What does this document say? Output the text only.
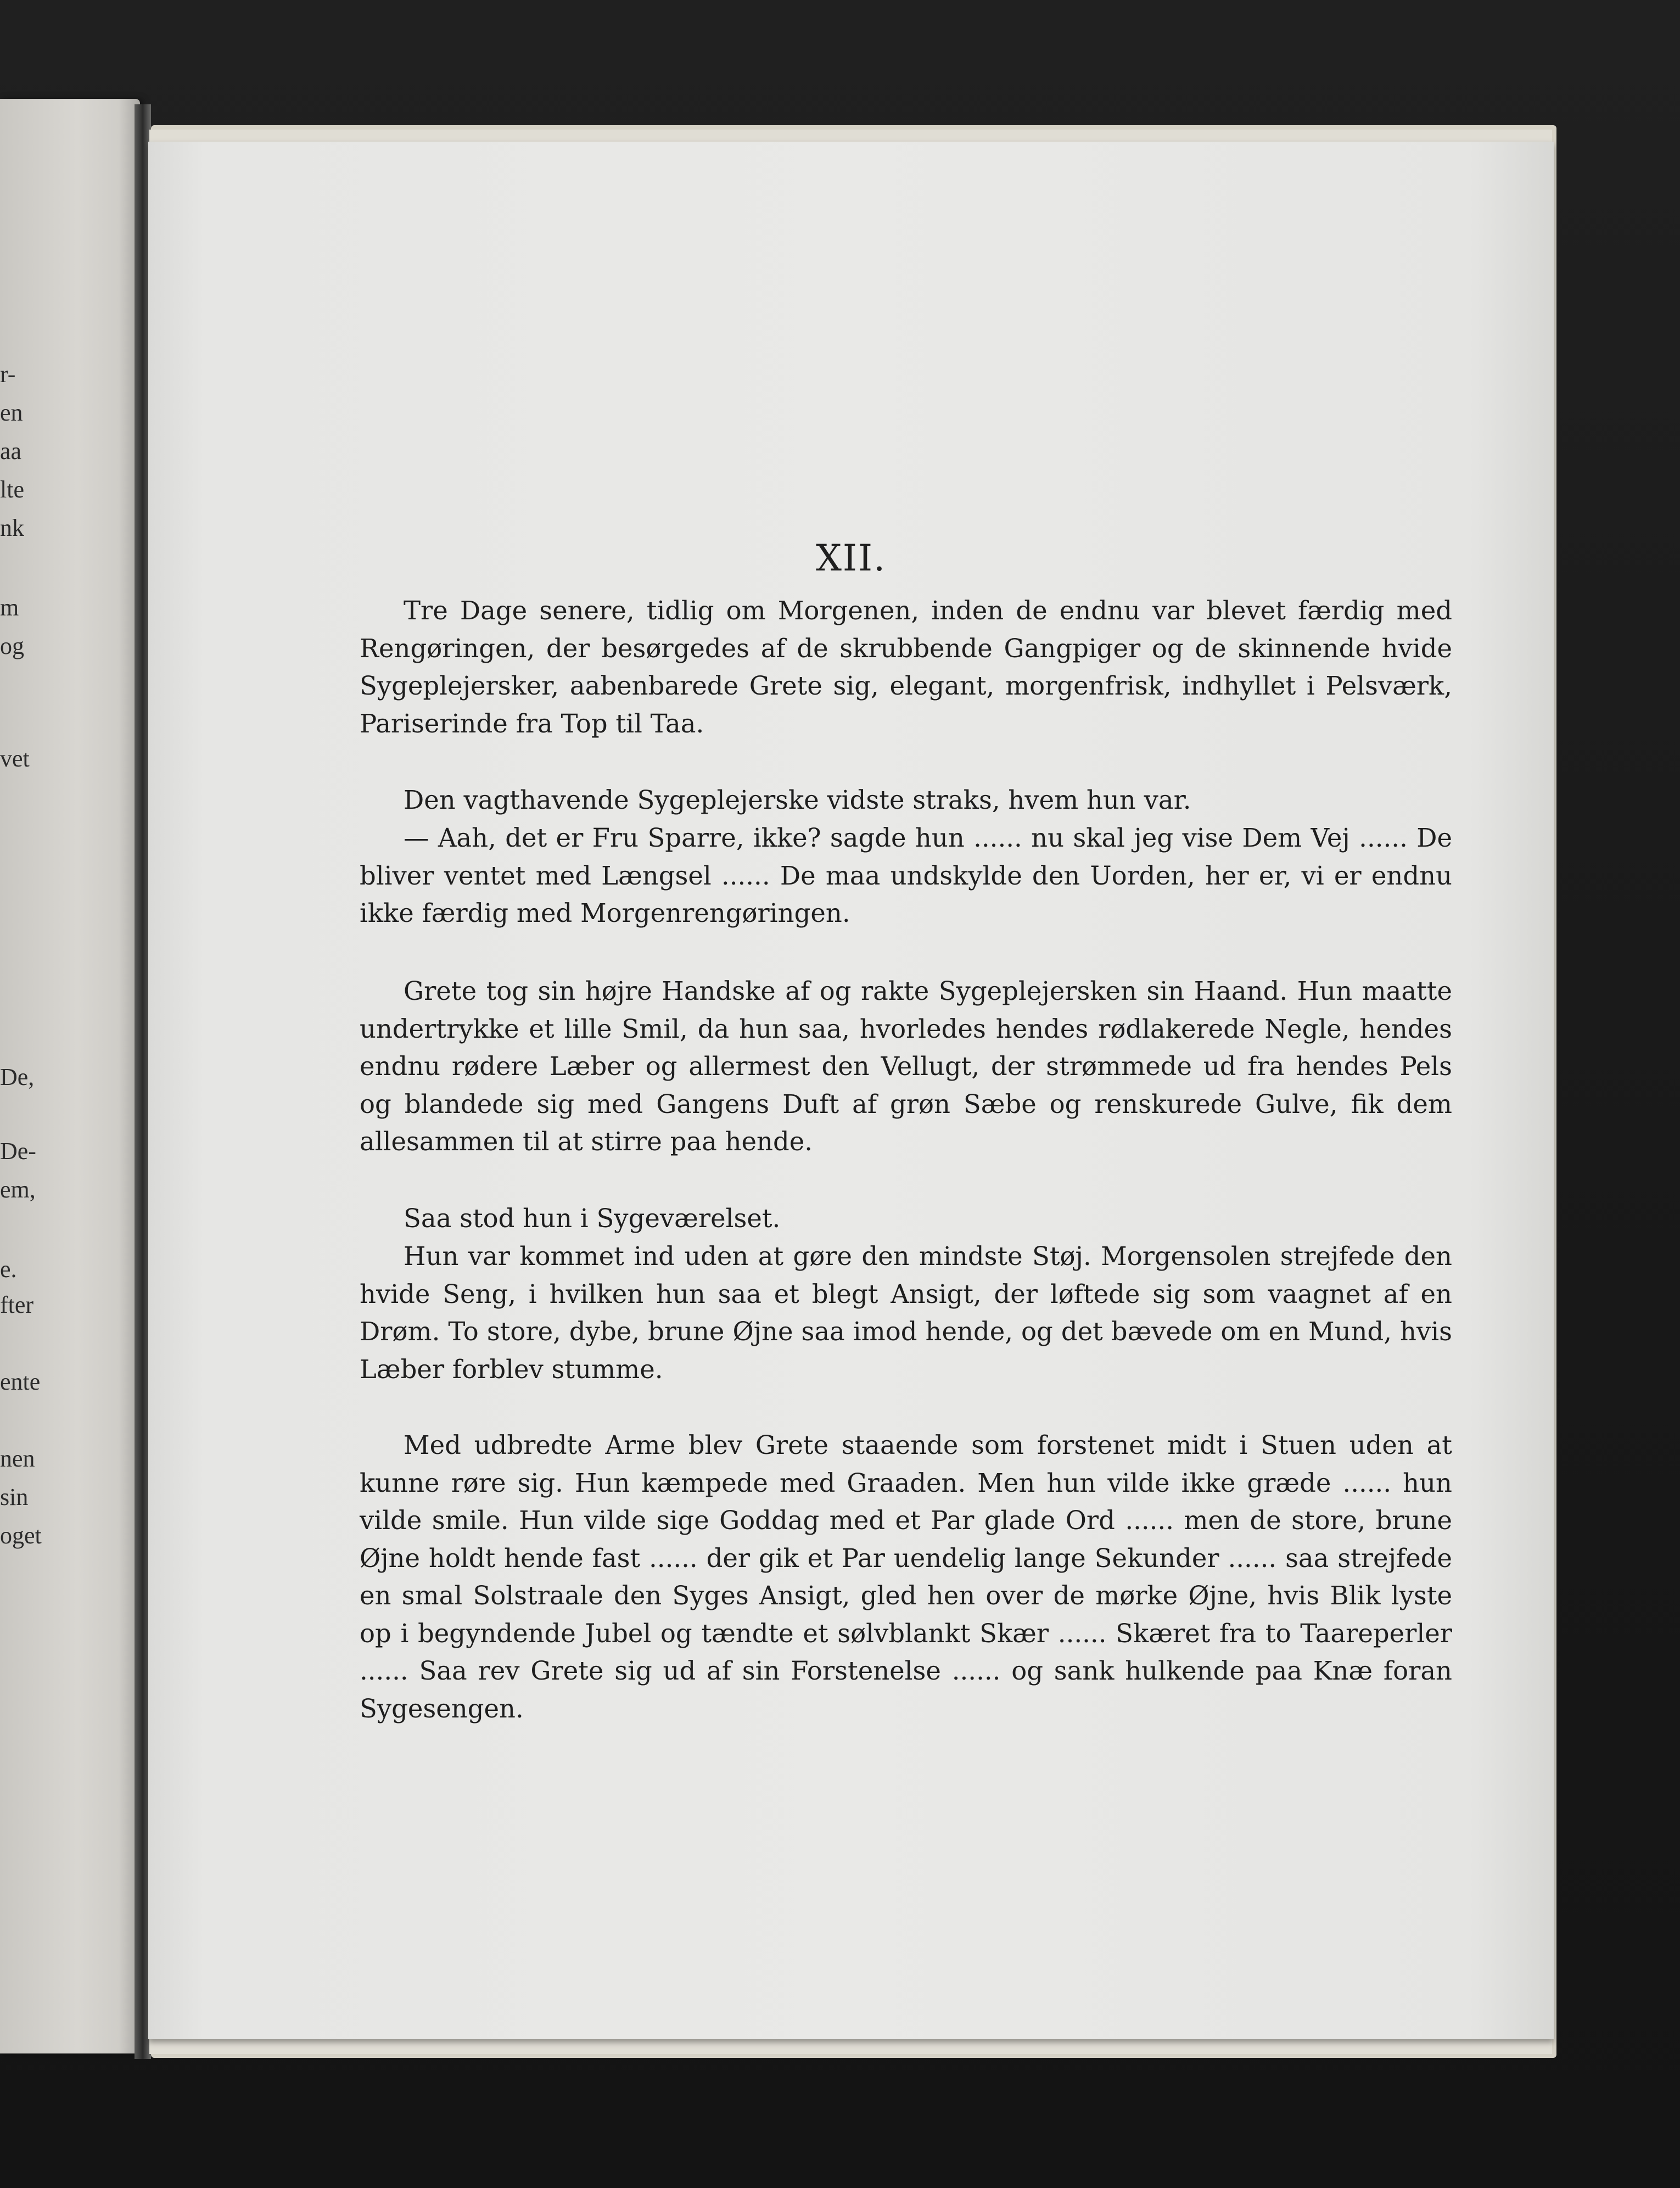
r-
en
aa
lte
nk
m
og
vet
De,
De-
em,
e.
fter
ente
nen
sin
oget
XII.

Tre Dage senere, tidlig om Morgenen, inden de endnu var blevet færdig med Rengøringen, der besørgedes af de skrubbende Gangpiger og de skinnende hvide Sygeplejersker, aabenbarede Grete sig, elegant, morgenfrisk, indhyllet i Pelsværk, Pariserinde fra Top til Taa.

Den vagthavende Sygeplejerske vidste straks, hvem hun var.

— Aah, det er Fru Sparre, ikke? sagde hun ...... nu skal jeg vise Dem Vej ...... De bliver ventet med Længsel ...... De maa undskylde den Uorden, her er, vi er endnu ikke færdig med Morgenrengøringen.

Grete tog sin højre Handske af og rakte Sygeplejersken sin Haand. Hun maatte undertrykke et lille Smil, da hun saa, hvorledes hendes rødlakerede Negle, hendes endnu rødere Læber og allermest den Vellugt, der strømmede ud fra hendes Pels og blandede sig med Gangens Duft af grøn Sæbe og renskurede Gulve, fik dem allesammen til at stirre paa hende.

Saa stod hun i Sygeværelset.

Hun var kommet ind uden at gøre den mindste Støj. Morgensolen strejfede den hvide Seng, i hvilken hun saa et blegt Ansigt, der løftede sig som vaagnet af en Drøm. To store, dybe, brune Øjne saa imod hende, og det bævede om en Mund, hvis Læber forblev stumme.

Med udbredte Arme blev Grete staaende som forstenet midt i Stuen uden at kunne røre sig. Hun kæmpede med Graaden. Men hun vilde ikke græde ...... hun vilde smile. Hun vilde sige Goddag med et Par glade Ord ...... men de store, brune Øjne holdt hende fast ...... der gik et Par uendelig lange Sekunder ...... saa strejfede en smal Solstraale den Syges Ansigt, gled hen over de mørke Øjne, hvis Blik lyste op i begyndende Jubel og tændte et sølvblankt Skær ...... Skæret fra to Taareperler ...... Saa rev Grete sig ud af sin Forstenelse ...... og sank hulkende paa Knæ foran Sygesengen.
